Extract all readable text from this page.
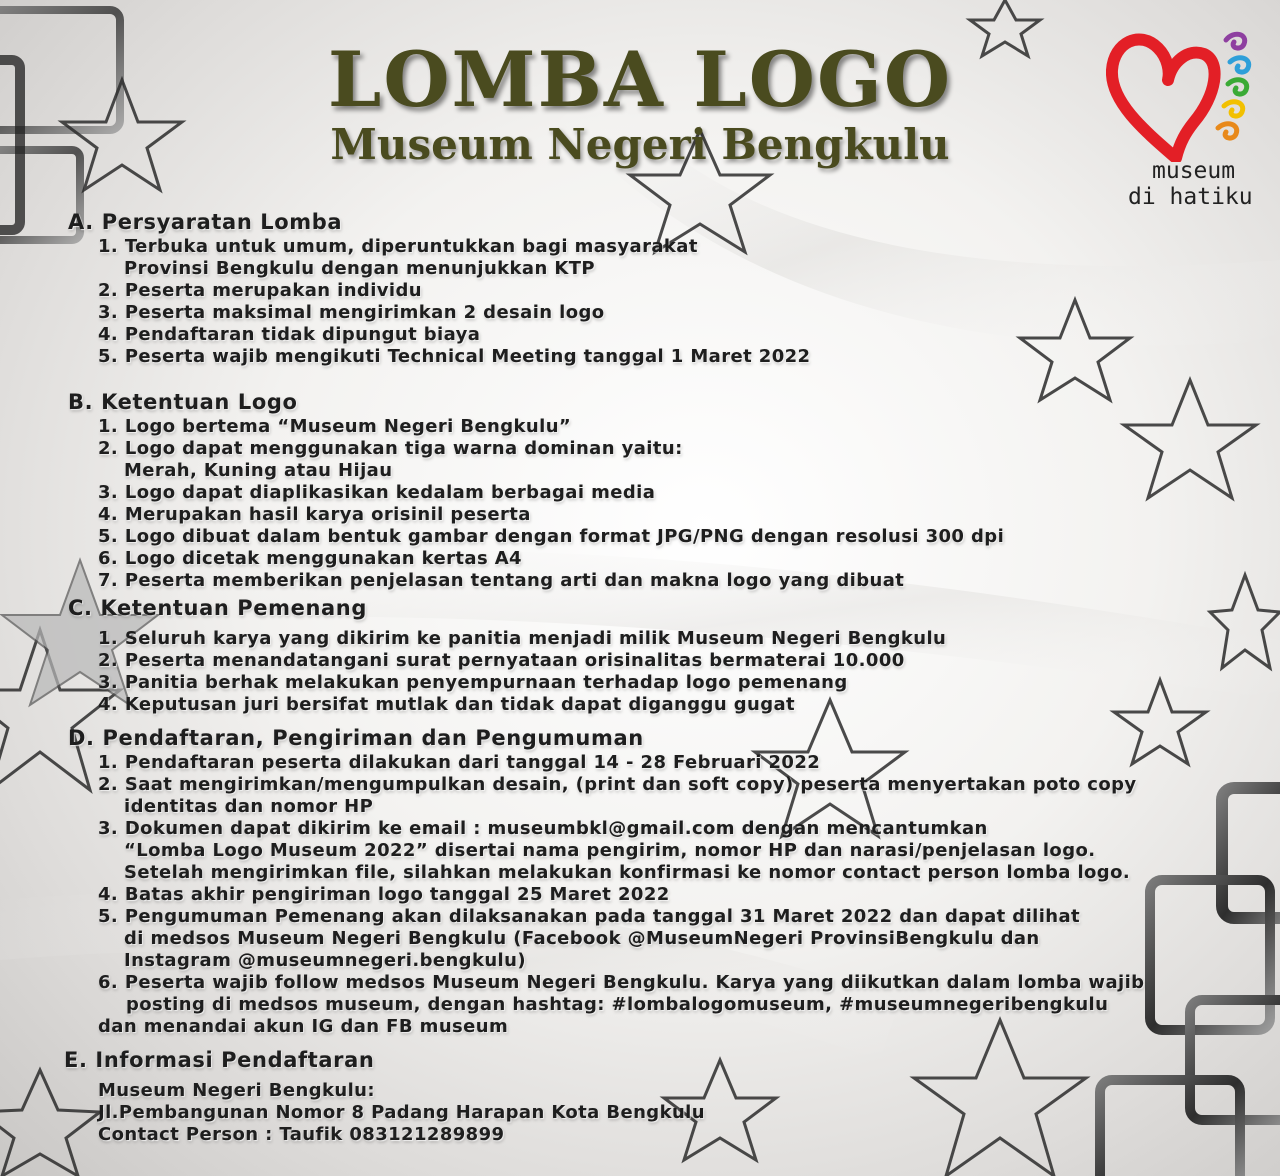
LOMBA LOGO
Museum Negeri Bengkulu
museum
di hatiku
A. Persyaratan Lomba
1. Terbuka untuk umum, diperuntukkan bagi masyarakat
Provinsi Bengkulu dengan menunjukkan KTP
2. Peserta merupakan individu
3. Peserta maksimal mengirimkan 2 desain logo
4. Pendaftaran tidak dipungut biaya
5. Peserta wajib mengikuti Technical Meeting tanggal 1 Maret 2022
B. Ketentuan Logo
1. Logo bertema “Museum Negeri Bengkulu”
2. Logo dapat menggunakan tiga warna dominan yaitu:
Merah, Kuning atau Hijau
3. Logo dapat diaplikasikan kedalam berbagai media
4. Merupakan hasil karya orisinil peserta
5. Logo dibuat dalam bentuk gambar dengan format JPG/PNG dengan resolusi 300 dpi
6. Logo dicetak menggunakan kertas A4
7. Peserta memberikan penjelasan tentang arti dan makna logo yang dibuat
C. Ketentuan Pemenang
1. Seluruh karya yang dikirim ke panitia menjadi milik Museum Negeri Bengkulu
2. Peserta menandatangani surat pernyataan orisinalitas bermaterai 10.000
3. Panitia berhak melakukan penyempurnaan terhadap logo pemenang
4. Keputusan juri bersifat mutlak dan tidak dapat diganggu gugat
D. Pendaftaran, Pengiriman dan Pengumuman
1. Pendaftaran peserta dilakukan dari tanggal 14 - 28 Februari 2022
2. Saat mengirimkan/mengumpulkan desain, (print dan soft copy) peserta menyertakan poto copy
identitas dan nomor HP
3. Dokumen dapat dikirim ke email : museumbkl@gmail.com dengan mencantumkan
“Lomba Logo Museum 2022” disertai nama pengirim, nomor HP dan narasi/penjelasan logo.
Setelah mengirimkan file, silahkan melakukan konfirmasi ke nomor contact person lomba logo.
4. Batas akhir pengiriman logo tanggal 25 Maret 2022
5. Pengumuman Pemenang akan dilaksanakan pada tanggal 31 Maret 2022 dan dapat dilihat
di medsos Museum Negeri Bengkulu (Facebook @MuseumNegeri ProvinsiBengkulu dan
Instagram @museumnegeri.bengkulu)
6. Peserta wajib follow medsos Museum Negeri Bengkulu. Karya yang diikutkan dalam lomba wajib
posting di medsos museum, dengan hashtag: #lombalogomuseum, #museumnegeribengkulu
dan menandai akun IG dan FB museum
E. Informasi Pendaftaran
Museum Negeri Bengkulu:
Jl.Pembangunan Nomor 8 Padang Harapan Kota Bengkulu
Contact Person : Taufik 083121289899
